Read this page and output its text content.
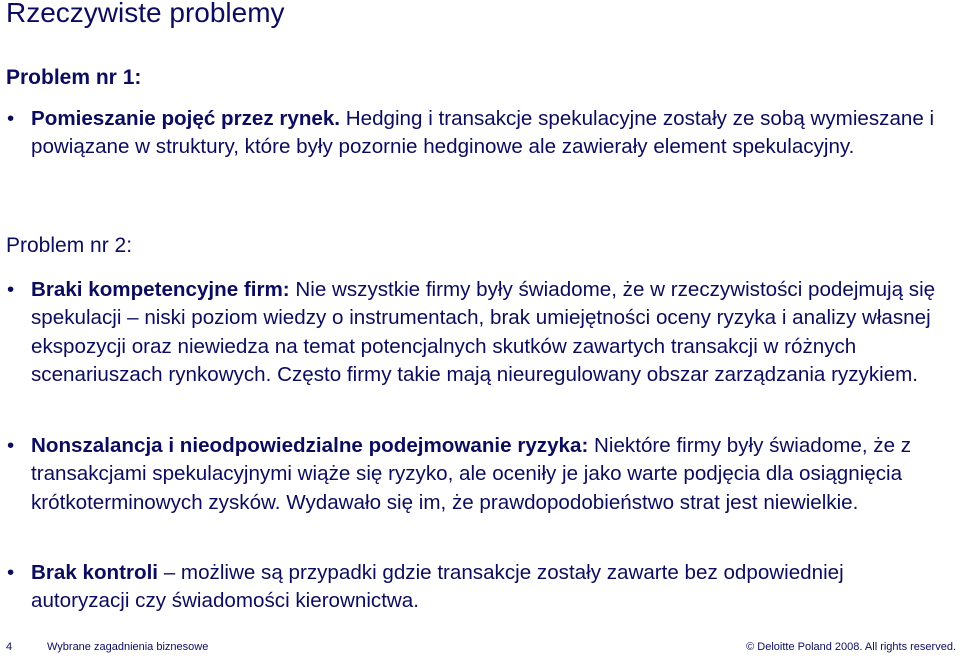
Rzeczywiste problemy
Problem nr 1:
• Pomieszanie pojęć przez rynek. Hedging i transakcje spekulacyjne zostały ze sobą wymieszane i powiązane w struktury, które były pozornie hedginowe ale zawierały element spekulacyjny.
Problem nr 2:
• Braki kompetencyjne firm: Nie wszystkie firmy były świadome, że w rzeczywistości podejmują się spekulacji – niski poziom wiedzy o instrumentach, brak umiejętności oceny ryzyka i analizy własnej ekspozycji oraz niewiedza na temat potencjalnych skutków zawartych transakcji w różnych scenariuszach rynkowych. Często firmy takie mają nieuregulowany obszar zarządzania ryzykiem.
• Nonszalancja i nieodpowiedzialne podejmowanie ryzyka: Niektóre firmy były świadome, że z transakcjami spekulacyjnymi wiąże się ryzyko, ale oceniły je jako warte podjęcia dla osiągnięcia krótkoterminowych zysków. Wydawało się im, że prawdopodobieństwo strat jest niewielkie.
• Brak kontroli – możliwe są przypadki gdzie transakcje zostały zawarte bez odpowiedniej autoryzacji czy świadomości kierownictwa.
4	Wybrane zagadnienia biznesowe	© Deloitte Poland 2008. All rights reserved.
